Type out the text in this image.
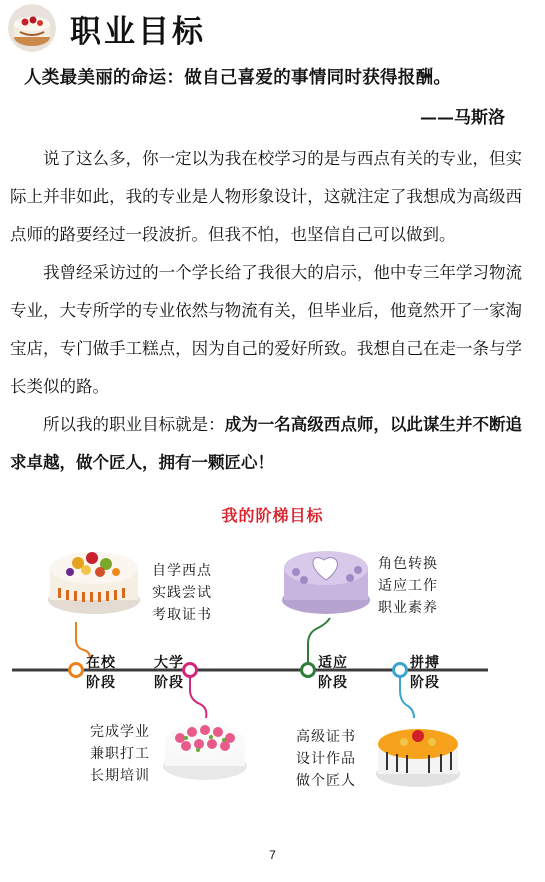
职业目标
人类最美丽的命运：做自己喜爱的事情同时获得报酬。
——马斯洛

说了这么多，你一定以为我在校学习的是与西点有关的专业，但实际上并非如此，我的专业是人物形象设计，这就注定了我想成为高级西点师的路要经过一段波折。但我不怕，也坚信自己可以做到。

我曾经采访过的一个学长给了我很大的启示，他中专三年学习物流专业，大专所学的专业依然与物流有关，但毕业后，他竟然开了一家淘宝店，专门做手工糕点，因为自己的爱好所致。我想自己在走一条与学长类似的路。

所以我的职业目标就是：成为一名高级西点师，以此谋生并不断追求卓越，做个匠人，拥有一颗匠心！

我的阶梯目标
自学西点
实践尝试
考取证书
在校
阶段
大学
阶段
完成学业
兼职打工
长期培训
角色转换
适应工作
职业素养
适应
阶段
拼搏
阶段
高级证书
设计作品
做个匠人
7
